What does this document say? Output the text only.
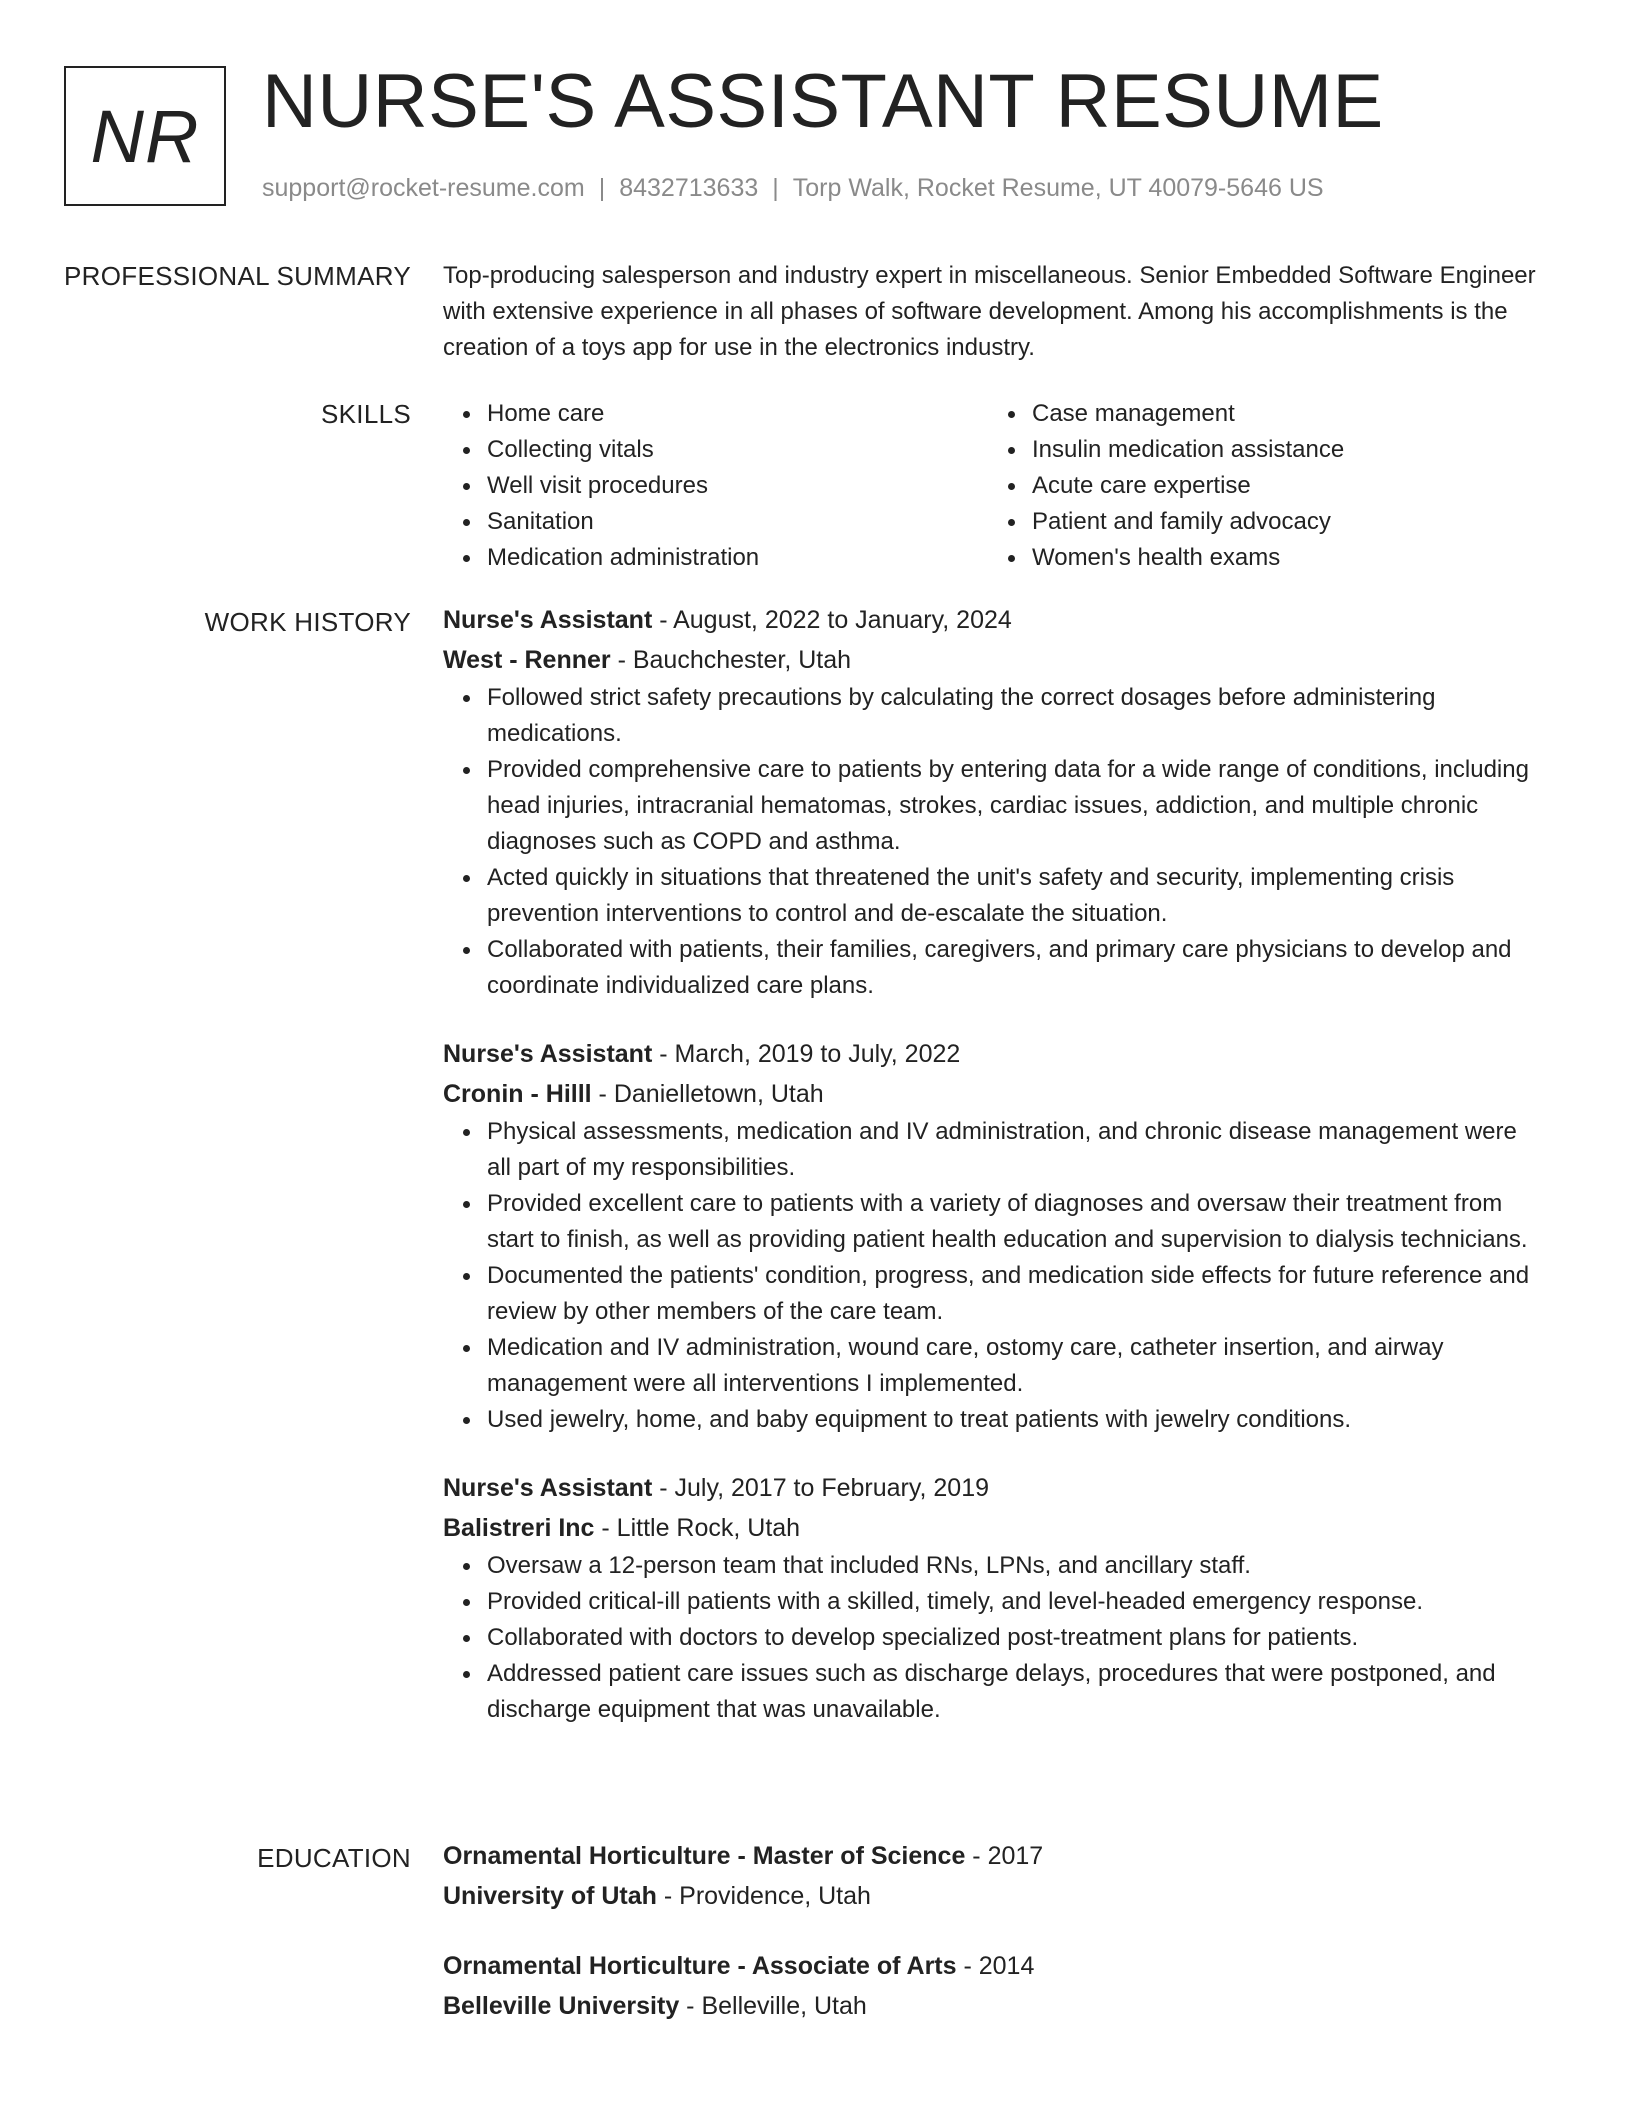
NR NURSE'S ASSISTANT RESUME
support@rocket-resume.com | 8432713633 | Torp Walk, Rocket Resume, UT 40079-5646 US
PROFESSIONAL SUMMARY Top-producing salesperson and industry expert in miscellaneous. Senior Embedded Software Engineer with extensive experience in all phases of software development. Among his accomplishments is the creation of a toys app for use in the electronics industry.

SKILLS	Home care
Collecting vitals
Well visit procedures
Sanitation
Medication administration
Case management
Insulin medication assistance
Acute care expertise
Patient and family advocacy
Women's health exams
WORK HISTORY Nurse's Assistant - August, 2022 to January, 2024
West - Renner - Bauchchester, Utah
Followed strict safety precautions by calculating the correct dosages before administering medications.
Provided comprehensive care to patients by entering data for a wide range of conditions, including head injuries, intracranial hematomas, strokes, cardiac issues, addiction, and multiple chronic diagnoses such as COPD and asthma.
Acted quickly in situations that threatened the unit's safety and security, implementing crisis prevention interventions to control and de-escalate the situation.
Collaborated with patients, their families, caregivers, and primary care physicians to develop and coordinate individualized care plans.
Nurse's Assistant - March, 2019 to July, 2022
Cronin - Hilll - Danielletown, Utah
Physical assessments, medication and IV administration, and chronic disease management were all part of my responsibilities.
Provided excellent care to patients with a variety of diagnoses and oversaw their treatment from start to finish, as well as providing patient health education and supervision to dialysis technicians.
Documented the patients' condition, progress, and medication side effects for future reference and review by other members of the care team.
Medication and IV administration, wound care, ostomy care, catheter insertion, and airway management were all interventions I implemented.
Used jewelry, home, and baby equipment to treat patients with jewelry conditions.
Nurse's Assistant - July, 2017 to February, 2019
Balistreri Inc - Little Rock, Utah
Oversaw a 12-person team that included RNs, LPNs, and ancillary staff.
Provided critical-ill patients with a skilled, timely, and level-headed emergency response.
Collaborated with doctors to develop specialized post-treatment plans for patients.
Addressed patient care issues such as discharge delays, procedures that were postponed, and discharge equipment that was unavailable.
EDUCATION Ornamental Horticulture - Master of Science - 2017
University of Utah - Providence, Utah
Ornamental Horticulture - Associate of Arts - 2014
Belleville University - Belleville, Utah
